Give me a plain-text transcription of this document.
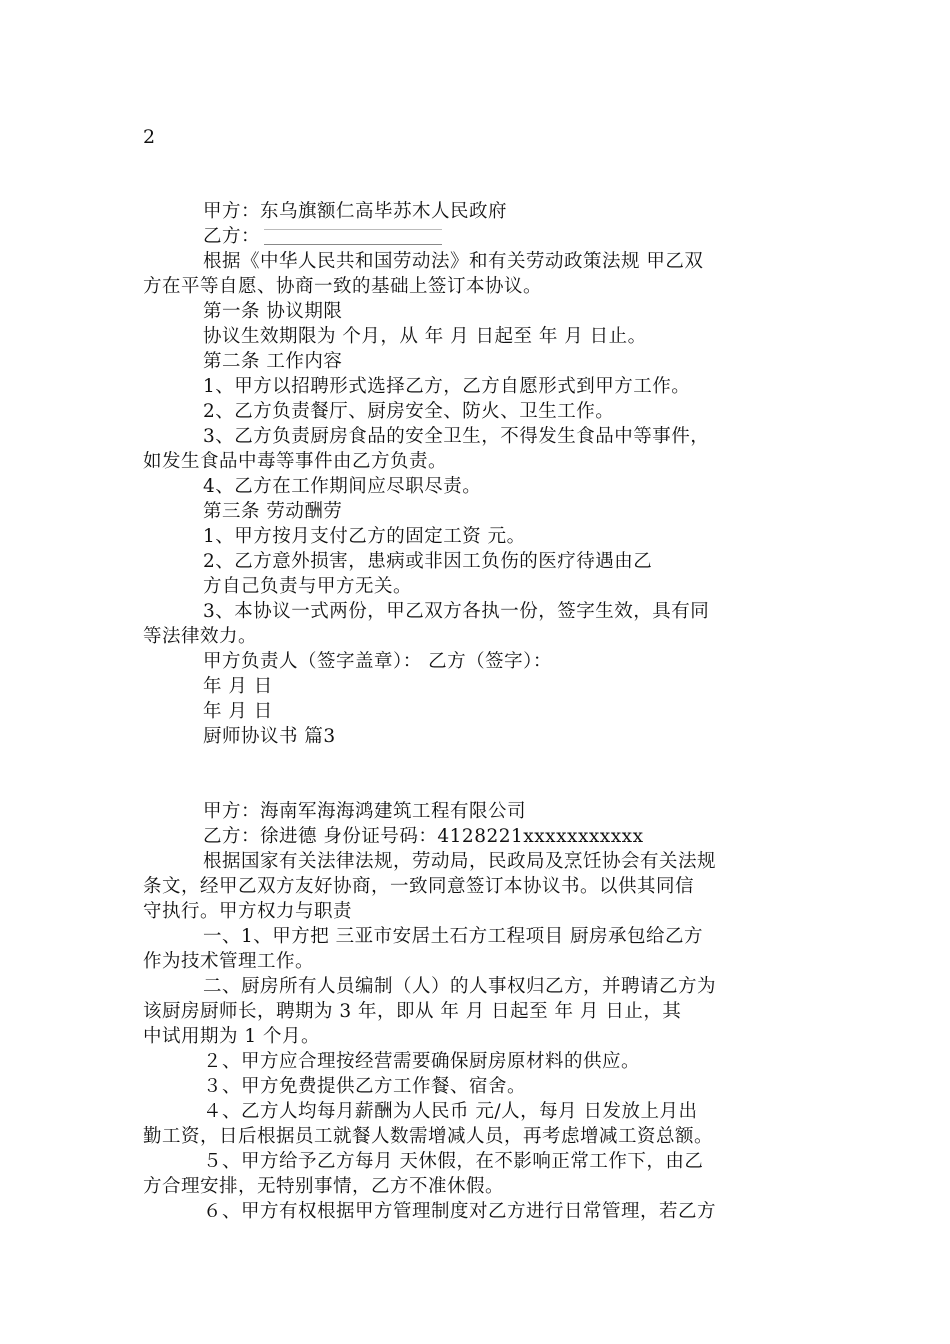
2
甲方：东乌旗额仁高毕苏木人民政府
乙方：
根据《中华人民共和国劳动法》和有关劳动政策法规 甲乙双
方在平等自愿、协商一致的基础上签订本协议。
第一条 协议期限
协议生效期限为 个月，从 年 月 日起至 年 月 日止。
第二条 工作内容
1、甲方以招聘形式选择乙方，乙方自愿形式到甲方工作。
2、乙方负责餐厅、厨房安全、防火、卫生工作。
3、乙方负责厨房食品的安全卫生，不得发生食品中等事件，
如发生食品中毒等事件由乙方负责。
4、乙方在工作期间应尽职尽责。
第三条 劳动酬劳
1、甲方按月支付乙方的固定工资 元。
2、乙方意外损害，患病或非因工负伤的医疗待遇由乙
方自己负责与甲方无关。
3、本协议一式两份，甲乙双方各执一份，签字生效，具有同
等法律效力。
甲方负责人（签字盖章）： 乙方（签字）：
年 月 日
年 月 日
厨师协议书 篇3
甲方：海南军海海鸿建筑工程有限公司
乙方：徐进德 身份证号码：4128221xxxxxxxxxxx
根据国家有关法律法规，劳动局，民政局及烹饪协会有关法规
条文，经甲乙双方友好协商，一致同意签订本协议书。以供其同信
守执行。甲方权力与职责
一、1、甲方把 三亚市安居土石方工程项目 厨房承包给乙方
作为技术管理工作。
二、厨房所有人员编制（人）的人事权归乙方，并聘请乙方为
该厨房厨师长，聘期为 3 年，即从 年 月 日起至 年 月 日止，其
中试用期为 1 个月。
２、甲方应合理按经营需要确保厨房原材料的供应。
３、甲方免费提供乙方工作餐、宿舍。
４、乙方人均每月薪酬为人民币 元/人，每月 日发放上月出
勤工资，日后根据员工就餐人数需增减人员，再考虑增减工资总额。
５、甲方给予乙方每月 天休假，在不影响正常工作下，由乙
方合理安排，无特别事情，乙方不准休假。
６、甲方有权根据甲方管理制度对乙方进行日常管理，若乙方
